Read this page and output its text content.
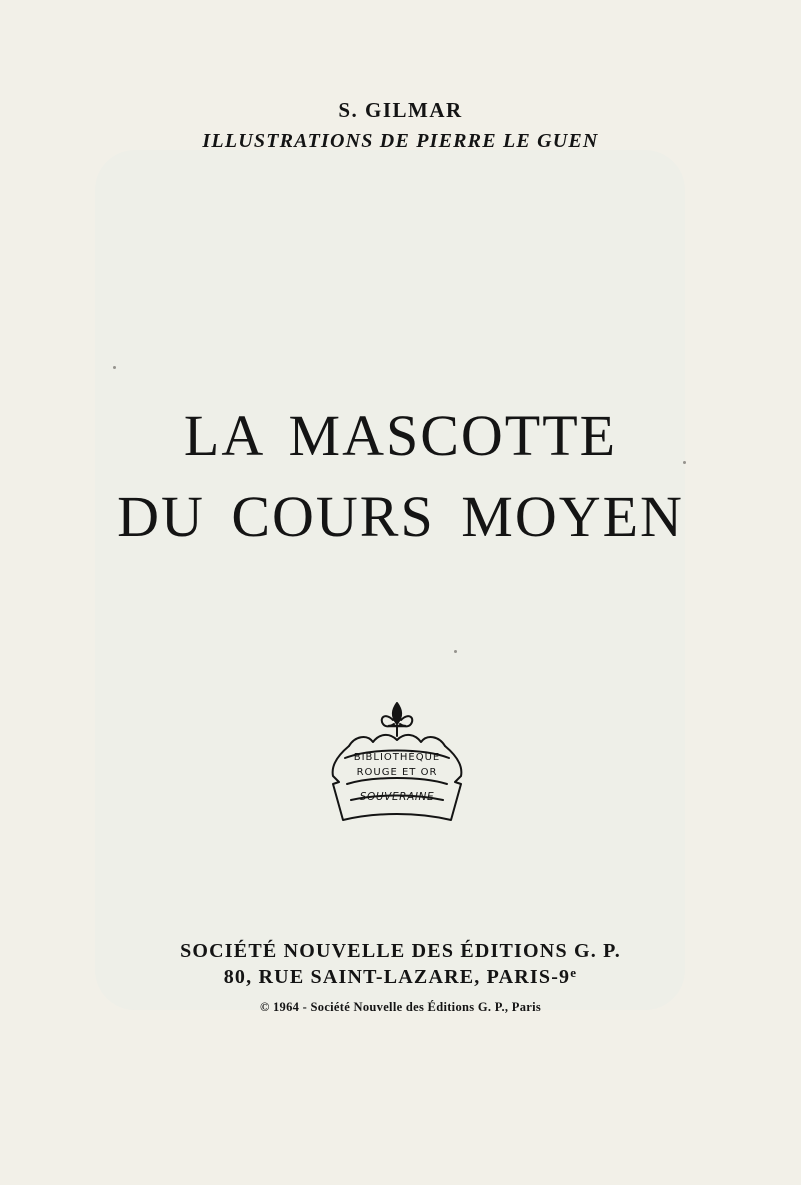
S. GILMAR
ILLUSTRATIONS DE PIERRE LE GUEN
LA MASCOTTE
DU COURS MOYEN
BIBLIOTHÈQUE
ROUGE ET OR
SOUVERAINE
SOCIÉTÉ NOUVELLE DES ÉDITIONS G. P.
80, RUE SAINT-LAZARE, PARIS-9e
© 1964 - Société Nouvelle des Éditions G. P., Paris
